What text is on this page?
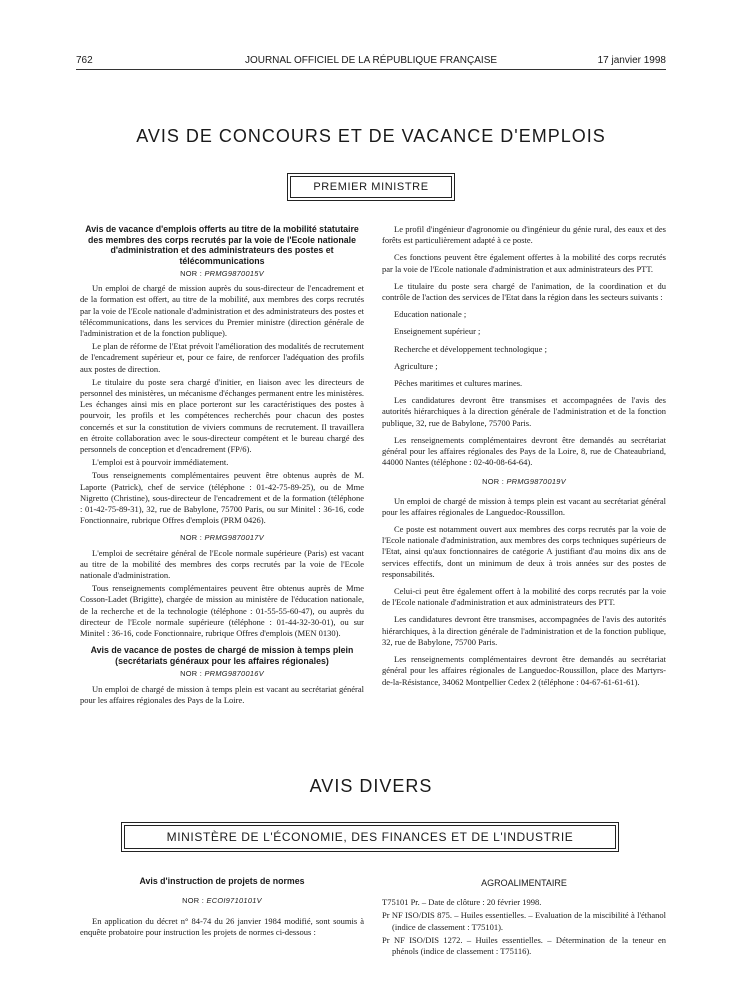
762	JOURNAL OFFICIEL DE LA RÉPUBLIQUE FRANÇAISE	17 janvier 1998
AVIS DE CONCOURS ET DE VACANCE D'EMPLOIS
PREMIER MINISTRE
Avis de vacance d'emplois offerts au titre de la mobilité statutaire des membres des corps recrutés par la voie de l'Ecole nationale d'administration et des administrateurs des postes et télécommunications
NOR : PRMG9870015V

Un emploi de chargé de mission auprès du sous-directeur de l'encadrement et de la formation est offert, au titre de la mobilité, aux membres des corps recrutés par la voie de l'Ecole nationale d'administration et des administrateurs des postes et télécommunications, dans les services du Premier ministre (direction générale de l'administration et de la fonction publique).

Le plan de réforme de l'Etat prévoit l'amélioration des modalités de recrutement de l'encadrement supérieur et, pour ce faire, de renforcer l'adéquation des profils aux postes de direction.

Le titulaire du poste sera chargé d'initier, en liaison avec les directeurs de personnel des ministères, un mécanisme d'échanges permanent entre les ministères. Les échanges ainsi mis en place porteront sur les caractéristiques des postes à pourvoir, les profils et les compétences recherchés pour chacun des postes concernés et sur la constitution de viviers communs de recrutement. Il travaillera en étroite collaboration avec le sous-directeur compétent et le bureau chargé des personnels de conception et d'encadrement (FP/6).

L'emploi est à pourvoir immédiatement.

Tous renseignements complémentaires peuvent être obtenus auprès de M. Laporte (Patrick), chef de service (téléphone : 01-42-75-89-25), ou de Mme Nigretto (Christine), sous-directeur de l'encadrement et de la formation (téléphone : 01-42-75-89-31), 32, rue de Babylone, 75700 Paris, ou sur Minitel : 36-16, code Fonctionnaire, rubrique Offres d'emplois (PRM 0426).

NOR : PRMG9870017V

L'emploi de secrétaire général de l'Ecole normale supérieure (Paris) est vacant au titre de la mobilité des membres des corps recrutés par la voie de l'Ecole nationale d'administration.

Tous renseignements complémentaires peuvent être obtenus auprès de Mme Cosson-Ladet (Brigitte), chargée de mission au ministère de l'éducation nationale, de la recherche et de la technologie (téléphone : 01-55-55-60-47), ou auprès du directeur de l'Ecole normale supérieure (téléphone : 01-44-32-30-01), ou sur Minitel : 36-16, code Fonctionnaire, rubrique Offres d'emplois (MEN 0130).

Avis de vacance de postes de chargé de mission à temps plein (secrétariats généraux pour les affaires régionales)
NOR : PRMG9870016V

Un emploi de chargé de mission à temps plein est vacant au secrétariat général pour les affaires régionales des Pays de la Loire.

Le profil d'ingénieur d'agronomie ou d'ingénieur du génie rural, des eaux et des forêts est particulièrement adapté à ce poste.

Ces fonctions peuvent être également offertes à la mobilité des corps recrutés par la voie de l'Ecole nationale d'administration et aux administrateurs des PTT.

Le titulaire du poste sera chargé de l'animation, de la coordination et du contrôle de l'action des services de l'Etat dans la région dans les secteurs suivants :

Education nationale ;

Enseignement supérieur ;

Recherche et développement technologique ;

Agriculture ;

Pêches maritimes et cultures marines.

Les candidatures devront être transmises et accompagnées de l'avis des autorités hiérarchiques à la direction générale de l'administration et de la fonction publique, 32, rue de Babylone, 75700 Paris.

Les renseignements complémentaires devront être demandés au secrétariat général pour les affaires régionales des Pays de la Loire, 8, rue de Chateaubriand, 44000 Nantes (téléphone : 02-40-08-64-64).

NOR : PRMG9870019V

Un emploi de chargé de mission à temps plein est vacant au secrétariat général pour les affaires régionales de Languedoc-Roussillon.

Ce poste est notamment ouvert aux membres des corps recrutés par la voie de l'Ecole nationale d'administration, aux membres des corps techniques supérieurs de l'Etat, ainsi qu'aux fonctionnaires de catégorie A justifiant d'au moins dix ans de services effectifs, dont un minimum de deux à trois années sur des postes de responsabilités.

Celui-ci peut être également offert à la mobilité des corps recrutés par la voie de l'Ecole nationale d'administration et aux administrateurs des PTT.

Les candidatures devront être transmises, accompagnées de l'avis des autorités hiérarchiques, à la direction générale de l'administration et de la fonction publique, 32, rue de Babylone, 75700 Paris.

Les renseignements complémentaires devront être demandés au secrétariat général pour les affaires régionales de Languedoc-Roussillon, place des Martyrs-de-la-Résistance, 34062 Montpellier Cedex 2 (téléphone : 04-67-61-61-61).

AVIS DIVERS
MINISTÈRE DE L'ÉCONOMIE, DES FINANCES ET DE L'INDUSTRIE
Avis d'instruction de projets de normes
NOR : ECOI9710101V

En application du décret n° 84-74 du 26 janvier 1984 modifié, sont soumis à enquête probatoire pour instruction les projets de normes ci-dessous :

AGROALIMENTAIRE

T75101 Pr. – Date de clôture : 20 février 1998.

Pr NF ISO/DIS 875. – Huiles essentielles. – Evaluation de la miscibilité à l'éthanol (indice de classement : T75101).

Pr NF ISO/DIS 1272. – Huiles essentielles. – Détermination de la teneur en phénols (indice de classement : T75116).
